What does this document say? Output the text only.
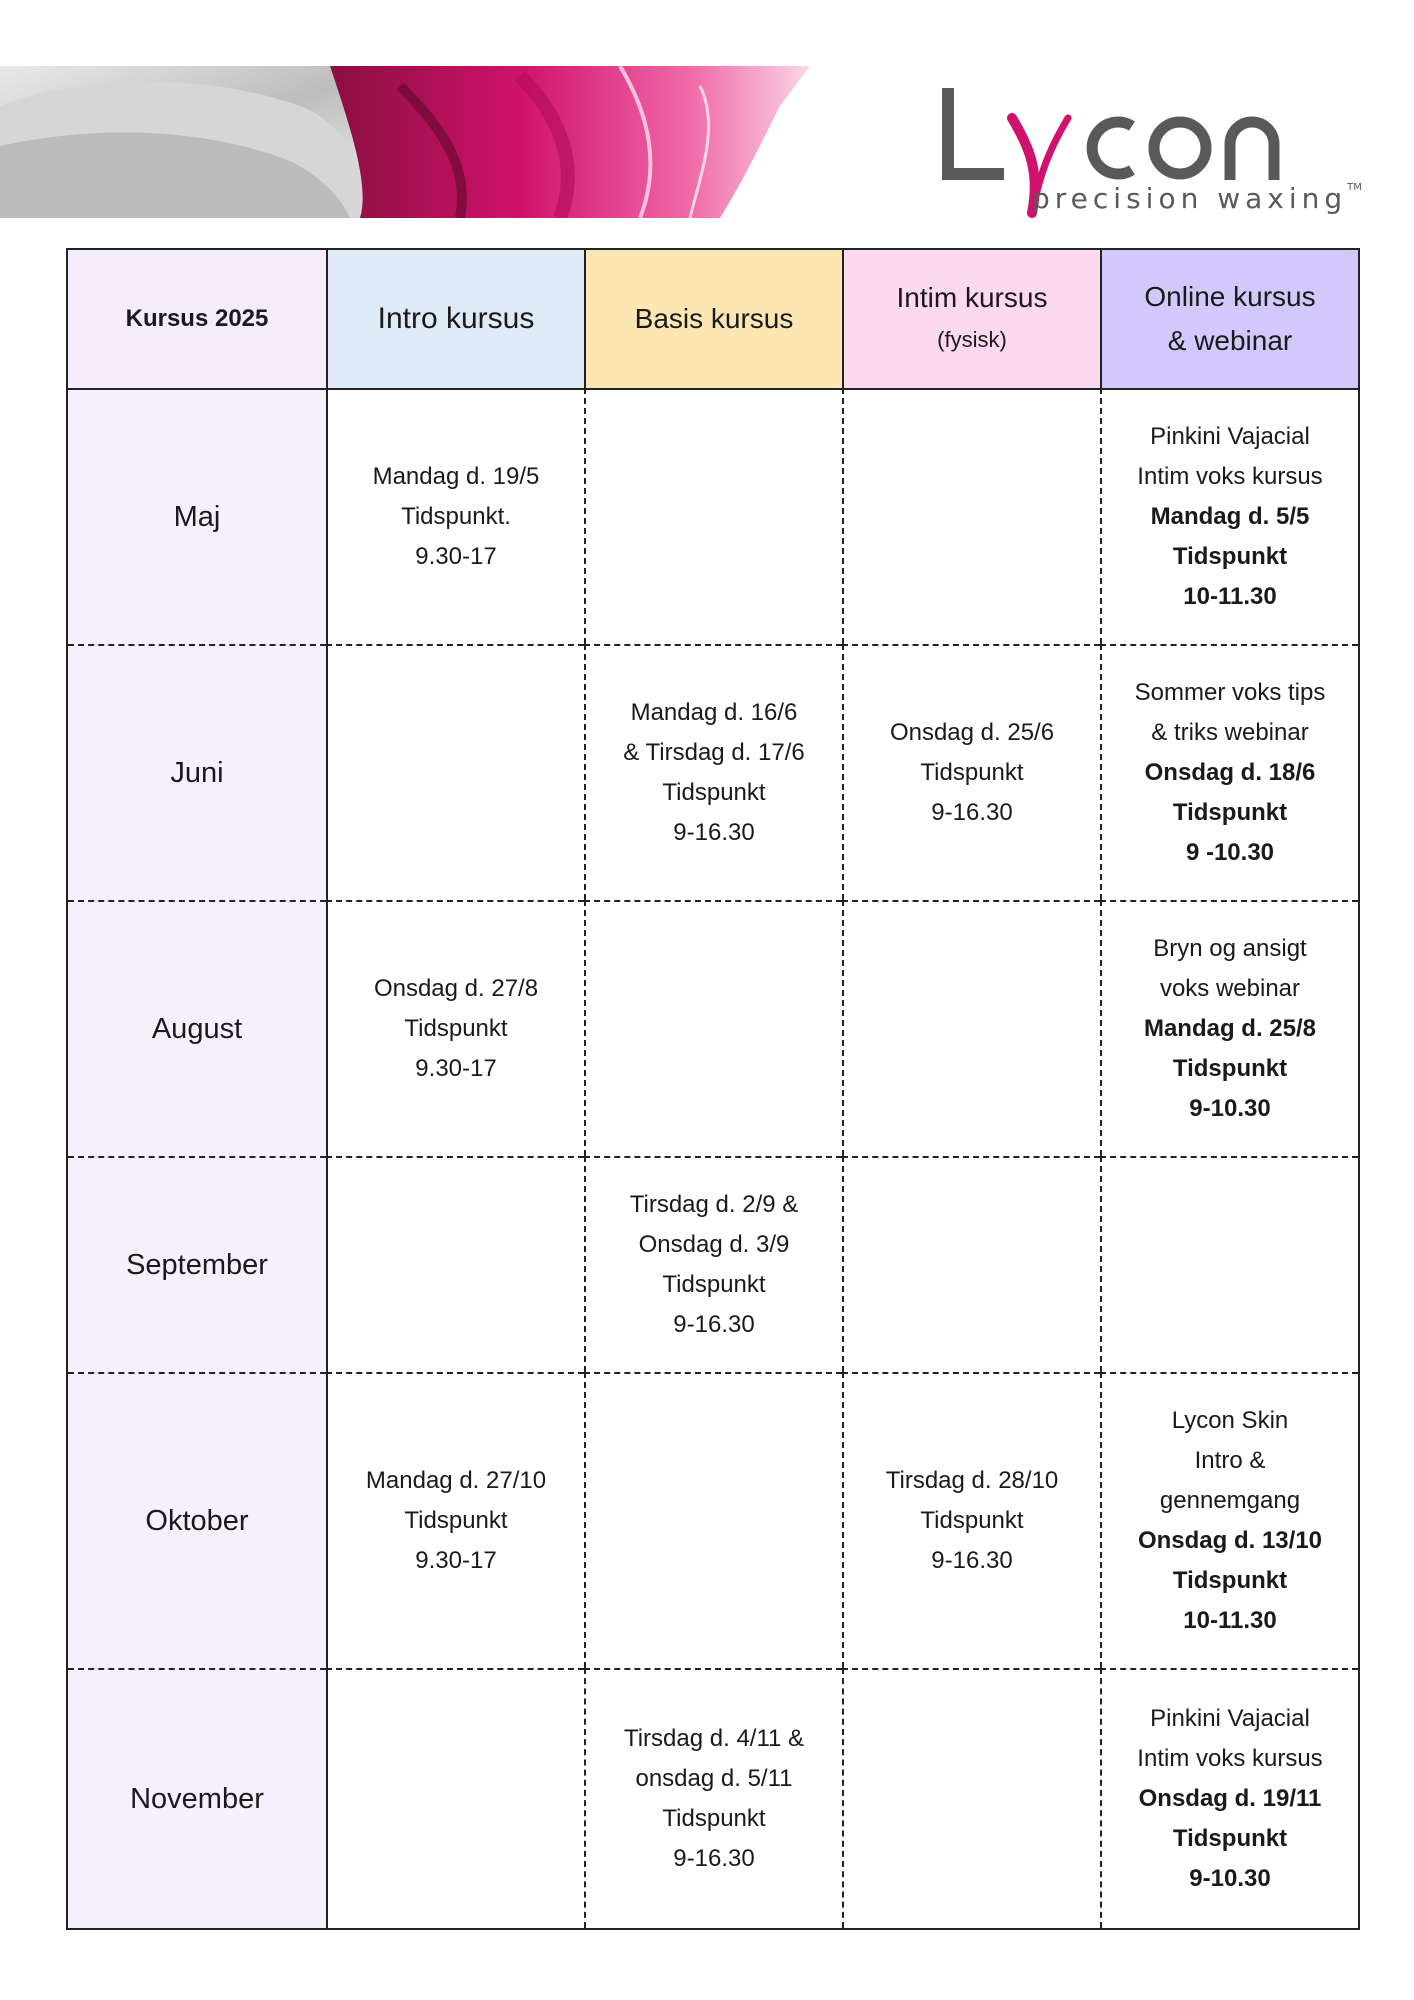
precision waxing™
Kursus 2025	Intro kursus	Basis kursus
Intim kursus
(fysisk)
Online kursus
& webinar
Maj
Mandag d. 19/5
Tidspunkt.
9.30-17
Pinkini Vajacial
Intim voks kursus
Mandag d. 5/5
Tidspunkt
10-11.30
Juni
Mandag d. 16/6
& Tirsdag d. 17/6
Tidspunkt
9-16.30
Onsdag d. 25/6
Tidspunkt
9-16.30
Sommer voks tips
& triks webinar
Onsdag d. 18/6
Tidspunkt
9 -10.30
August
Onsdag d. 27/8
Tidspunkt
9.30-17
Bryn og ansigt
voks webinar
Mandag d. 25/8
Tidspunkt
9-10.30
September
Tirsdag d. 2/9 &
Onsdag d. 3/9
Tidspunkt
9-16.30
Oktober
Mandag d. 27/10
Tidspunkt
9.30-17
Tirsdag d. 28/10
Tidspunkt
9-16.30
Lycon Skin
Intro &
gennemgang
Onsdag d. 13/10
Tidspunkt
10-11.30
November
Tirsdag d. 4/11 &
onsdag d. 5/11
Tidspunkt
9-16.30
Pinkini Vajacial
Intim voks kursus
Onsdag d. 19/11
Tidspunkt
9-10.30
